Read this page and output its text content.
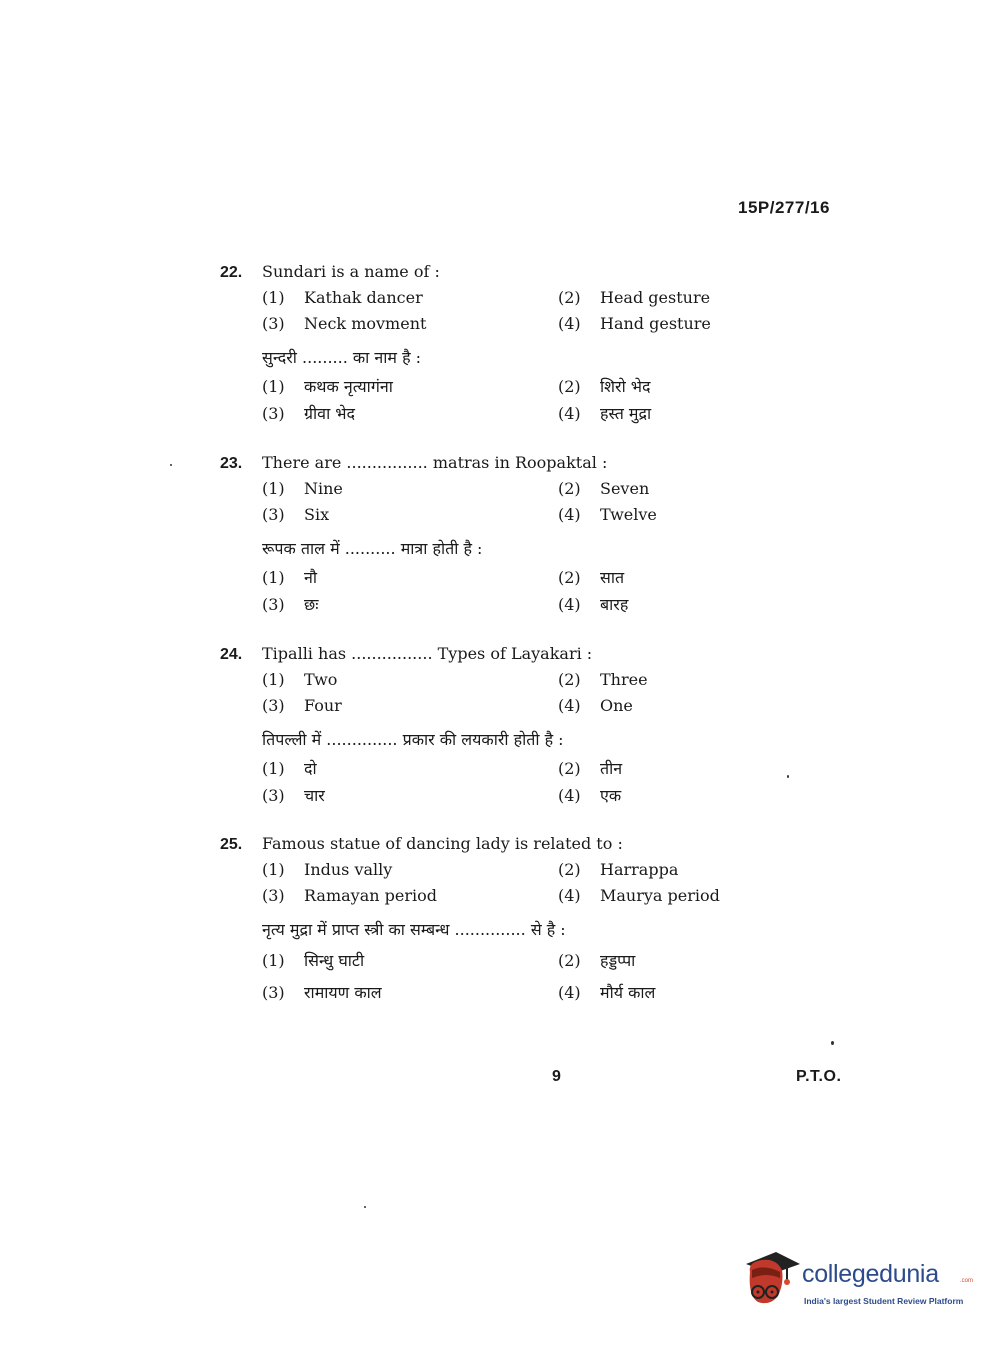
15P/277/16
22. Sundari is a name of :
(1) Kathak dancer	(2) Head gesture
(3) Neck movment	(4) Hand gesture
सुन्दरी ......... का नाम है :
(1) कथक नृत्यागंना	(2) शिरो भेद
(3) ग्रीवा भेद	(4) हस्त मुद्रा
23. There are ................ matras in Roopaktal :
(1) Nine	(2) Seven
(3) Six	(4) Twelve
रूपक ताल में .......... मात्रा होती है :
(1) नौ	(2) सात
(3) छः	(4) बारह
24. Tipalli has ................ Types of Layakari :
(1) Two	(2) Three
(3) Four	(4) One
तिपल्ली में .............. प्रकार की लयकारी होती है :
(1) दो	(2) तीन
(3) चार	(4) एक
25. Famous statue of dancing lady is related to :
(1) Indus vally	(2) Harrappa
(3) Ramayan period	(4) Maurya period
नृत्य मुद्रा में प्राप्त स्त्री का सम्बन्ध .............. से है :
(1) सिन्धु घाटी	(2) हड्डप्पा
(3) रामायण काल	(4) मौर्य काल
9	P.T.O.
collegedunia	.com
India's largest Student Review Platform
